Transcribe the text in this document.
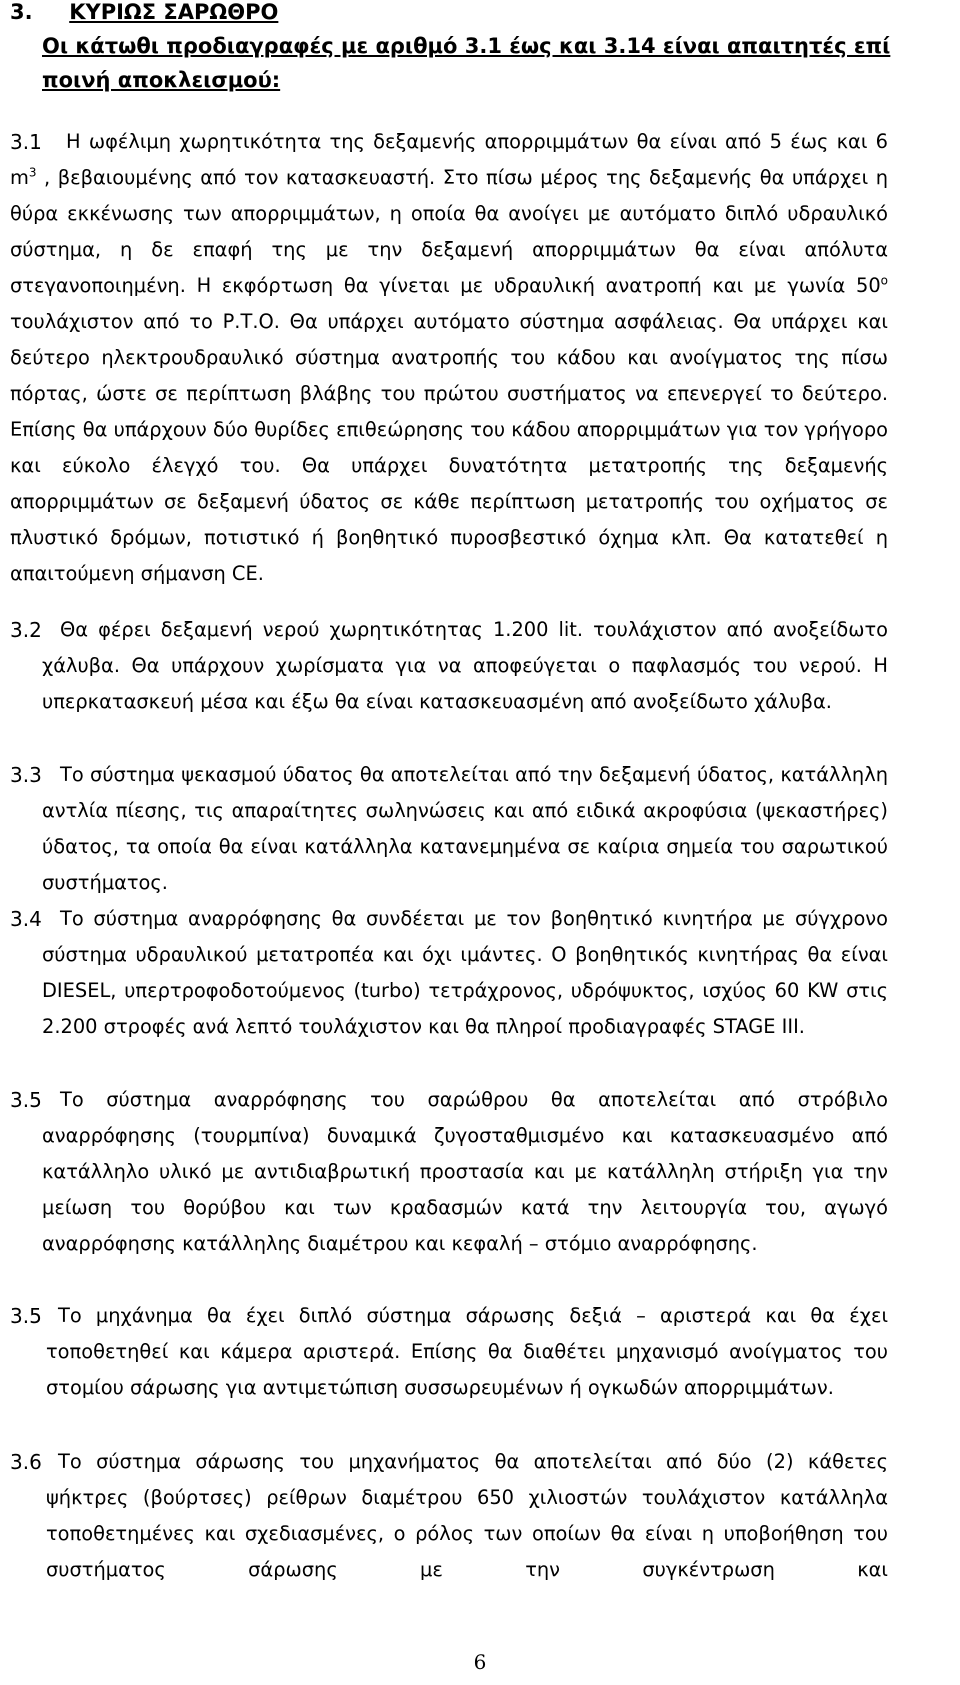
3. ΚΥΡΙΩΣ ΣΑΡΩΘΡΟ
Οι κάτωθι προδιαγραφές με αριθμό 3.1 έως και 3.14 είναι απαιτητές επί
ποινή αποκλεισμού:
3.1	Η ωφέλιμη χωρητικότητα της δεξαμενής απορριμμάτων θα είναι από 5 έως και 6 $m^3$ , βεβαιουμένης από τον κατασκευαστή. Στο πίσω μέρος της δεξαμενής θα υπάρχει η θύρα εκκένωσης των απορριμμάτων, η οποία θα ανοίγει με αυτόματο διπλό υδραυλικό σύστημα, η δε επαφή της με την δεξαμενή απορριμμάτων θα είναι απόλυτα στεγανοποιημένη. Η εκφόρτωση θα γίνεται με υδραυλική ανατροπή και με γωνία $50^o$ τουλάχιστον από το Ρ.Τ.Ο. Θα υπάρχει αυτόματο σύστημα ασφάλειας. Θα υπάρχει και δεύτερο ηλεκτρουδραυλικό σύστημα ανατροπής του κάδου και ανοίγματος της πίσω πόρτας, ώστε σε περίπτωση βλάβης του πρώτου συστήματος να επενεργεί το δεύτερο. Επίσης θα υπάρχουν δύο θυρίδες επιθεώρησης του κάδου απορριμμάτων για τον γρήγορο και εύκολο έλεγχό του. Θα υπάρχει δυνατότητα μετατροπής της δεξαμενής απορριμμάτων σε δεξαμενή ύδατος σε κάθε περίπτωση μετατροπής του οχήματος σε πλυστικό δρόμων, ποτιστικό ή βοηθητικό πυροσβεστικό όχημα κλπ. Θα κατατεθεί η απαιτούμενη σήμανση CE.
3.2 Θα φέρει δεξαμενή νερού χωρητικότητας 1.200 lit. τουλάχιστον από ανοξείδωτο χάλυβα. Θα υπάρχουν χωρίσματα για να αποφεύγεται ο παφλασμός του νερού. Η υπερκατασκευή μέσα και έξω θα είναι κατασκευασμένη από ανοξείδωτο χάλυβα.
3.3 Το σύστημα ψεκασμού ύδατος θα αποτελείται από την δεξαμενή ύδατος, κατάλληλη αντλία πίεσης, τις απαραίτητες σωληνώσεις και από ειδικά ακροφύσια (ψεκαστήρες) ύδατος, τα οποία θα είναι κατάλληλα κατανεμημένα σε καίρια σημεία του σαρωτικού συστήματος.
3.4 Το σύστημα αναρρόφησης θα συνδέεται με τον βοηθητικό κινητήρα με σύγχρονο σύστημα υδραυλικού μετατροπέα και όχι ιμάντες. Ο βοηθητικός κινητήρας θα είναι DIESEL, υπερτροφοδοτούμενος (turbo) τετράχρονος, υδρόψυκτος, ισχύος 60 KW στις 2.200 στροφές ανά λεπτό τουλάχιστον και θα πληροί προδιαγραφές STAGE III.
3.5 Το σύστημα αναρρόφησης του σαρώθρου θα αποτελείται από στρόβιλο αναρρόφησης (τουρμπίνα) δυναμικά ζυγοσταθμισμένο και κατασκευασμένο από κατάλληλο υλικό με αντιδιαβρωτική προστασία και με κατάλληλη στήριξη για την μείωση του θορύβου και των κραδασμών κατά την λειτουργία του, αγωγό αναρρόφησης κατάλληλης διαμέτρου και κεφαλή – στόμιο αναρρόφησης.
3.5 Το μηχάνημα θα έχει διπλό σύστημα σάρωσης δεξιά – αριστερά και θα έχει τοποθετηθεί και κάμερα αριστερά. Επίσης θα διαθέτει μηχανισμό ανοίγματος του στομίου σάρωσης για αντιμετώπιση συσσωρευμένων ή ογκωδών απορριμμάτων.
3.6 Το σύστημα σάρωσης του μηχανήματος θα αποτελείται από δύο (2) κάθετες ψήκτρες (βούρτσες) ρείθρων διαμέτρου 650 χιλιοστών τουλάχιστον κατάλληλα τοποθετημένες και σχεδιασμένες, ο ρόλος των οποίων θα είναι η υποβοήθηση του συστήματος σάρωσης με την συγκέντρωση και
6
